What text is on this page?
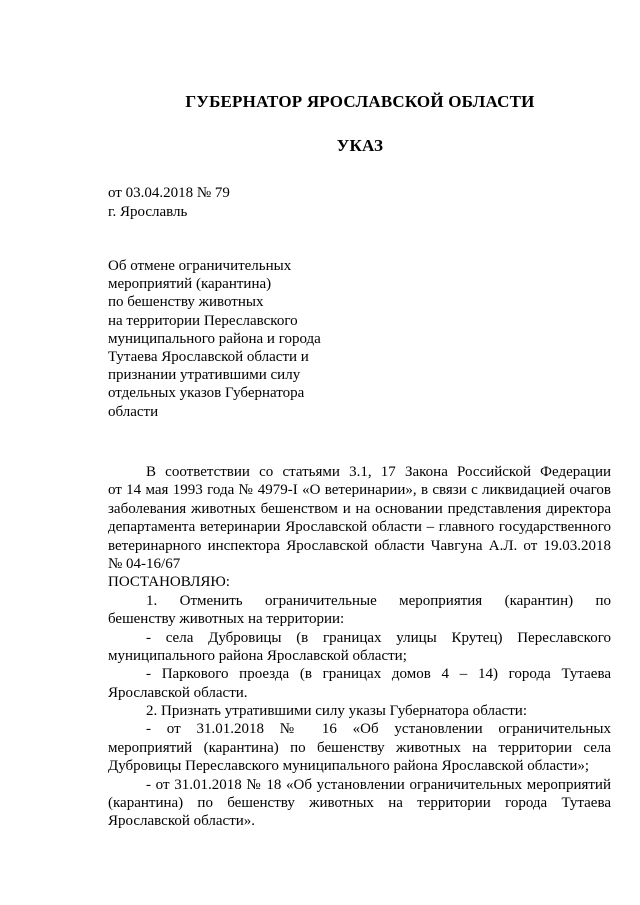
ГУБЕРНАТОР ЯРОСЛАВСКОЙ ОБЛАСТИ
УКАЗ
от 03.04.2018 № 79
г. Ярославль
Об отмене ограничительных
мероприятий (карантина)
по бешенству животных
на территории Переславского
муниципального района и города
Тутаева Ярославской области и
признании утратившими силу
отдельных указов Губернатора
области
В соответствии со статьями 3.1, 17 Закона Российской Федерации
от 14 мая 1993 года № 4979-I «О ветеринарии», в связи с ликвидацией очагов
заболевания животных бешенством и на основании представления директора
департамента ветеринарии Ярославской области – главного государственного
ветеринарного инспектора Ярославской области Чавгуна А.Л. от 19.03.2018
№ 04-16/67
ПОСТАНОВЛЯЮ:
1. Отменить ограничительные мероприятия (карантин) по
бешенству животных на территории:
- села Дубровицы (в границах улицы Крутец) Переславского
муниципального района Ярославской области;
- Паркового проезда (в границах домов 4 – 14) города Тутаева
Ярославской области.
2. Признать утратившими силу указы Губернатора области:
- от 31.01.2018 № 16 «Об установлении ограничительных
мероприятий (карантина) по бешенству животных на территории села
Дубровицы Переславского муниципального района Ярославской области»;
- от 31.01.2018 № 18 «Об установлении ограничительных мероприятий
(карантина) по бешенству животных на территории города Тутаева
Ярославской области».
